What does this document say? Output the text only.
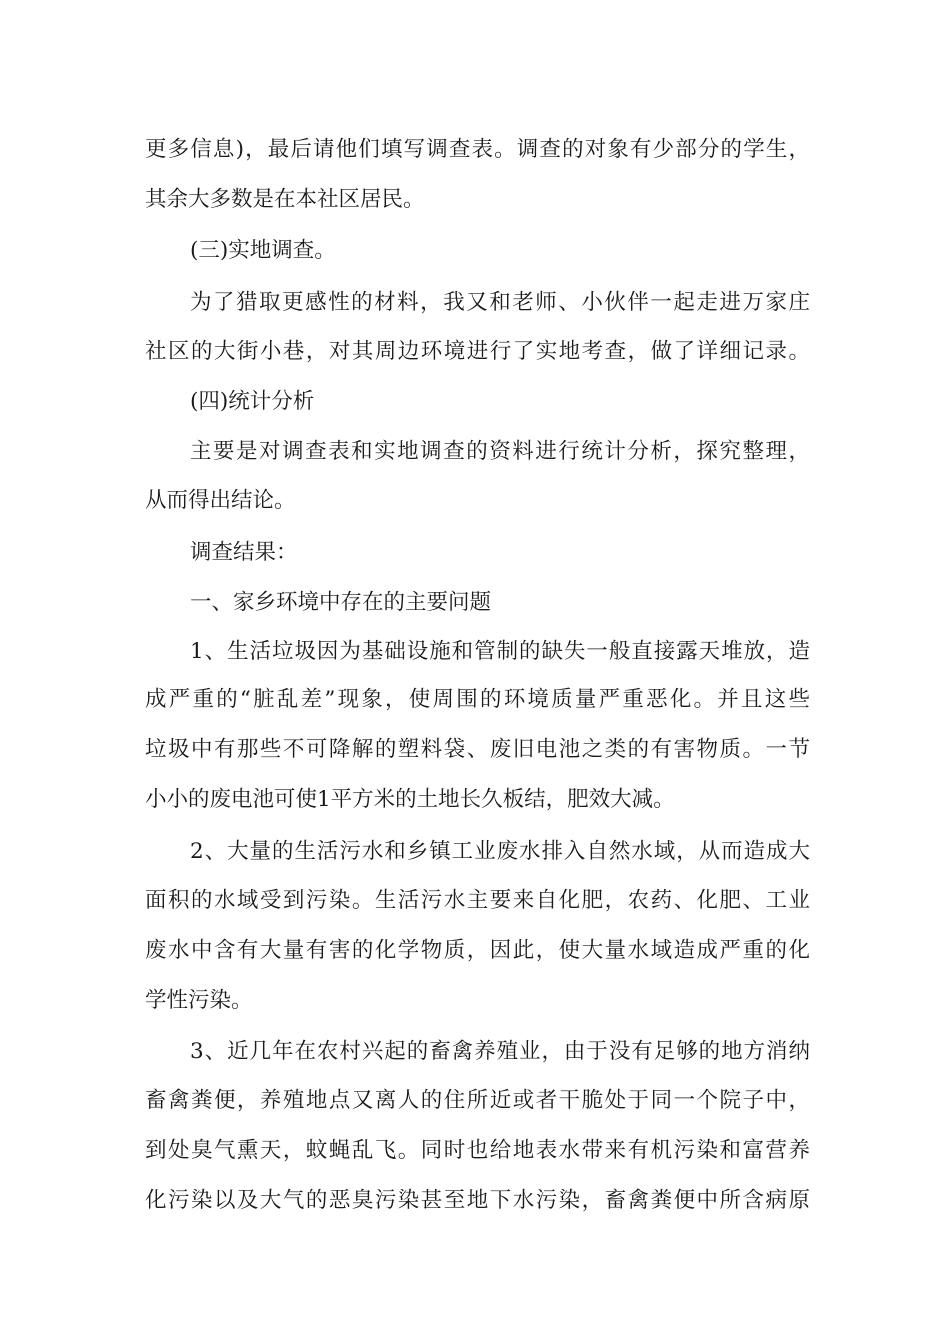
更多信息)，最后请他们填写调查表。调查的对象有少部分的学生，
其余大多数是在本社区居民。
(三)实地调查。
为了猎取更感性的材料，我又和老师、小伙伴一起走进万家庄
社区的大街小巷，对其周边环境进行了实地考查，做了详细记录。
(四)统计分析
主要是对调查表和实地调查的资料进行统计分析，探究整理，
从而得出结论。
调查结果：
一、家乡环境中存在的主要问题
1、生活垃圾因为基础设施和管制的缺失一般直接露天堆放，造
成严重的“脏乱差”现象，使周围的环境质量严重恶化。并且这些
垃圾中有那些不可降解的塑料袋、废旧电池之类的有害物质。一节
小小的废电池可使1平方米的土地长久板结，肥效大减。
2、大量的生活污水和乡镇工业废水排入自然水域，从而造成大
面积的水域受到污染。生活污水主要来自化肥，农药、化肥、工业
废水中含有大量有害的化学物质，因此，使大量水域造成严重的化
学性污染。
3、近几年在农村兴起的畜禽养殖业，由于没有足够的地方消纳
畜禽粪便，养殖地点又离人的住所近或者干脆处于同一个院子中，
到处臭气熏天，蚊蝇乱飞。同时也给地表水带来有机污染和富营养
化污染以及大气的恶臭污染甚至地下水污染，畜禽粪便中所含病原
